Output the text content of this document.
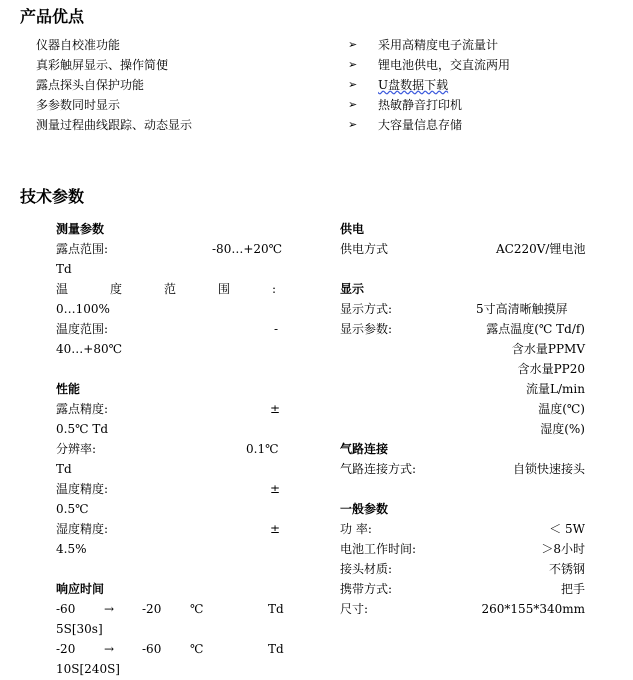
产品优点
技术参数
仪器自校准功能
真彩触屏显示、操作简便
露点探头自保护功能
多参数同时显示
测量过程曲线跟踪、动态显示
➢
➢
➢
➢
➢
采用高精度电子流量计
锂电池供电，交直流两用
U盘数据下载
热敏静音打印机
大容量信息存储
测量参数
露点范围:	-80…+20℃
Td
温	度	范	围	:
0…100%
温度范围:	-
40…+80℃
性能
露点精度:	±
0.5℃ Td
分辨率:	0.1℃
Td
温度精度:	±
0.5℃
湿度精度:	±
4.5%
响应时间
-60 → -20 ℃	Td
5S[30s]
-20 → -60 ℃	Td
10S[240S]
供电
供电方式	AC220V/锂电池
显示
显示方式:	5寸高清晰触摸屏
显示参数:	露点温度(℃ Td/f)
含水量PPMV
含水量PP20
流量L/min
温度(℃)
湿度(%)
气路连接
气路连接方式:	自锁快速接头
一般参数
功 率:	＜ 5W
电池工作时间:	＞8小时
接头材质:	不锈钢
携带方式:	把手
尺寸:	260*155*340mm
